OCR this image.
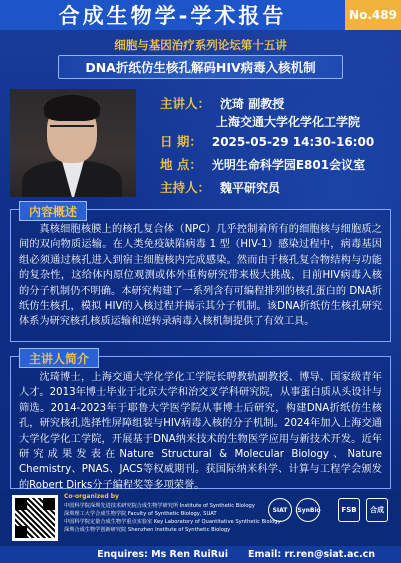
合成生物学-学术报告	No.489
细胞与基因治疗系列论坛第十五讲
DNA折纸仿生核孔解码HIV病毒入核机制
主讲人： 沈琦 副教授
上海交通大学化学化工学院
日 期： 2025-05-29 14:30-16:00
地 点： 光明生命科学园E801会议室
主持人： 魏平研究员
内容概述
真核细胞核膜上的核孔复合体（NPC）几乎控制着所有的细胞核与细胞质之间的双向物质运输。在人类免疫缺陷病毒 1 型（HIV-1）感染过程中，病毒基因组必须通过核孔进入到宿主细胞核内完成感染。然而由于核孔复合物结构与功能的复杂性，这给体内原位观测或体外重构研究带来极大挑战，目前HIV病毒入核的分子机制仍不明确。本研究构建了一系列含有可编程排列的核孔蛋白的 DNA折纸仿生核孔，模拟 HIV的入核过程并揭示其分子机制。该DNA折纸仿生核孔研究体系为研究核孔核质运输和逆转录病毒入核机制提供了有效工具。
主讲人简介
沈琦博士，上海交通大学化学化工学院长聘教轨副教授、博导、国家级青年人才。2013年博士毕业于北京大学和治交叉学科研究院，从事蛋白质从头设计与筛选。2014-2023年于耶鲁大学医学院从事博士后研究，构建DNA折纸仿生核孔，研究核孔选择性屏障组装与HIV病毒入核的分子机制。2024年加入上海交通大学化学化工学院，开展基于DNA纳米技术的生物医学应用与新技术开发。近年研究成果发表在Nature Structural & Molecular Biology、Nature Chemistry、PNAS、JACS等权威期刊。获国际纳米科学、计算与工程学会颁发的Robert Dirks分子编程奖等多项荣誉。
Co-organized by
中国科学院深圳先进技术研究院合成生物学研究所 Institute of Synthetic Biology
深圳理工大学合成生物学院 Faculty of Synthetic Biology, SUAT
中国科学院定量合成生物学重点实验室 Key Laboratory of Quantitative Synthetic Biology
深圳合成生物学创新研究院 Shenzhen Institute of Synthetic Biology
SIAT	iSynBio	FSB	合成
Enquires: Ms Ren RuiRui Email: rr.ren@siat.ac.cn
